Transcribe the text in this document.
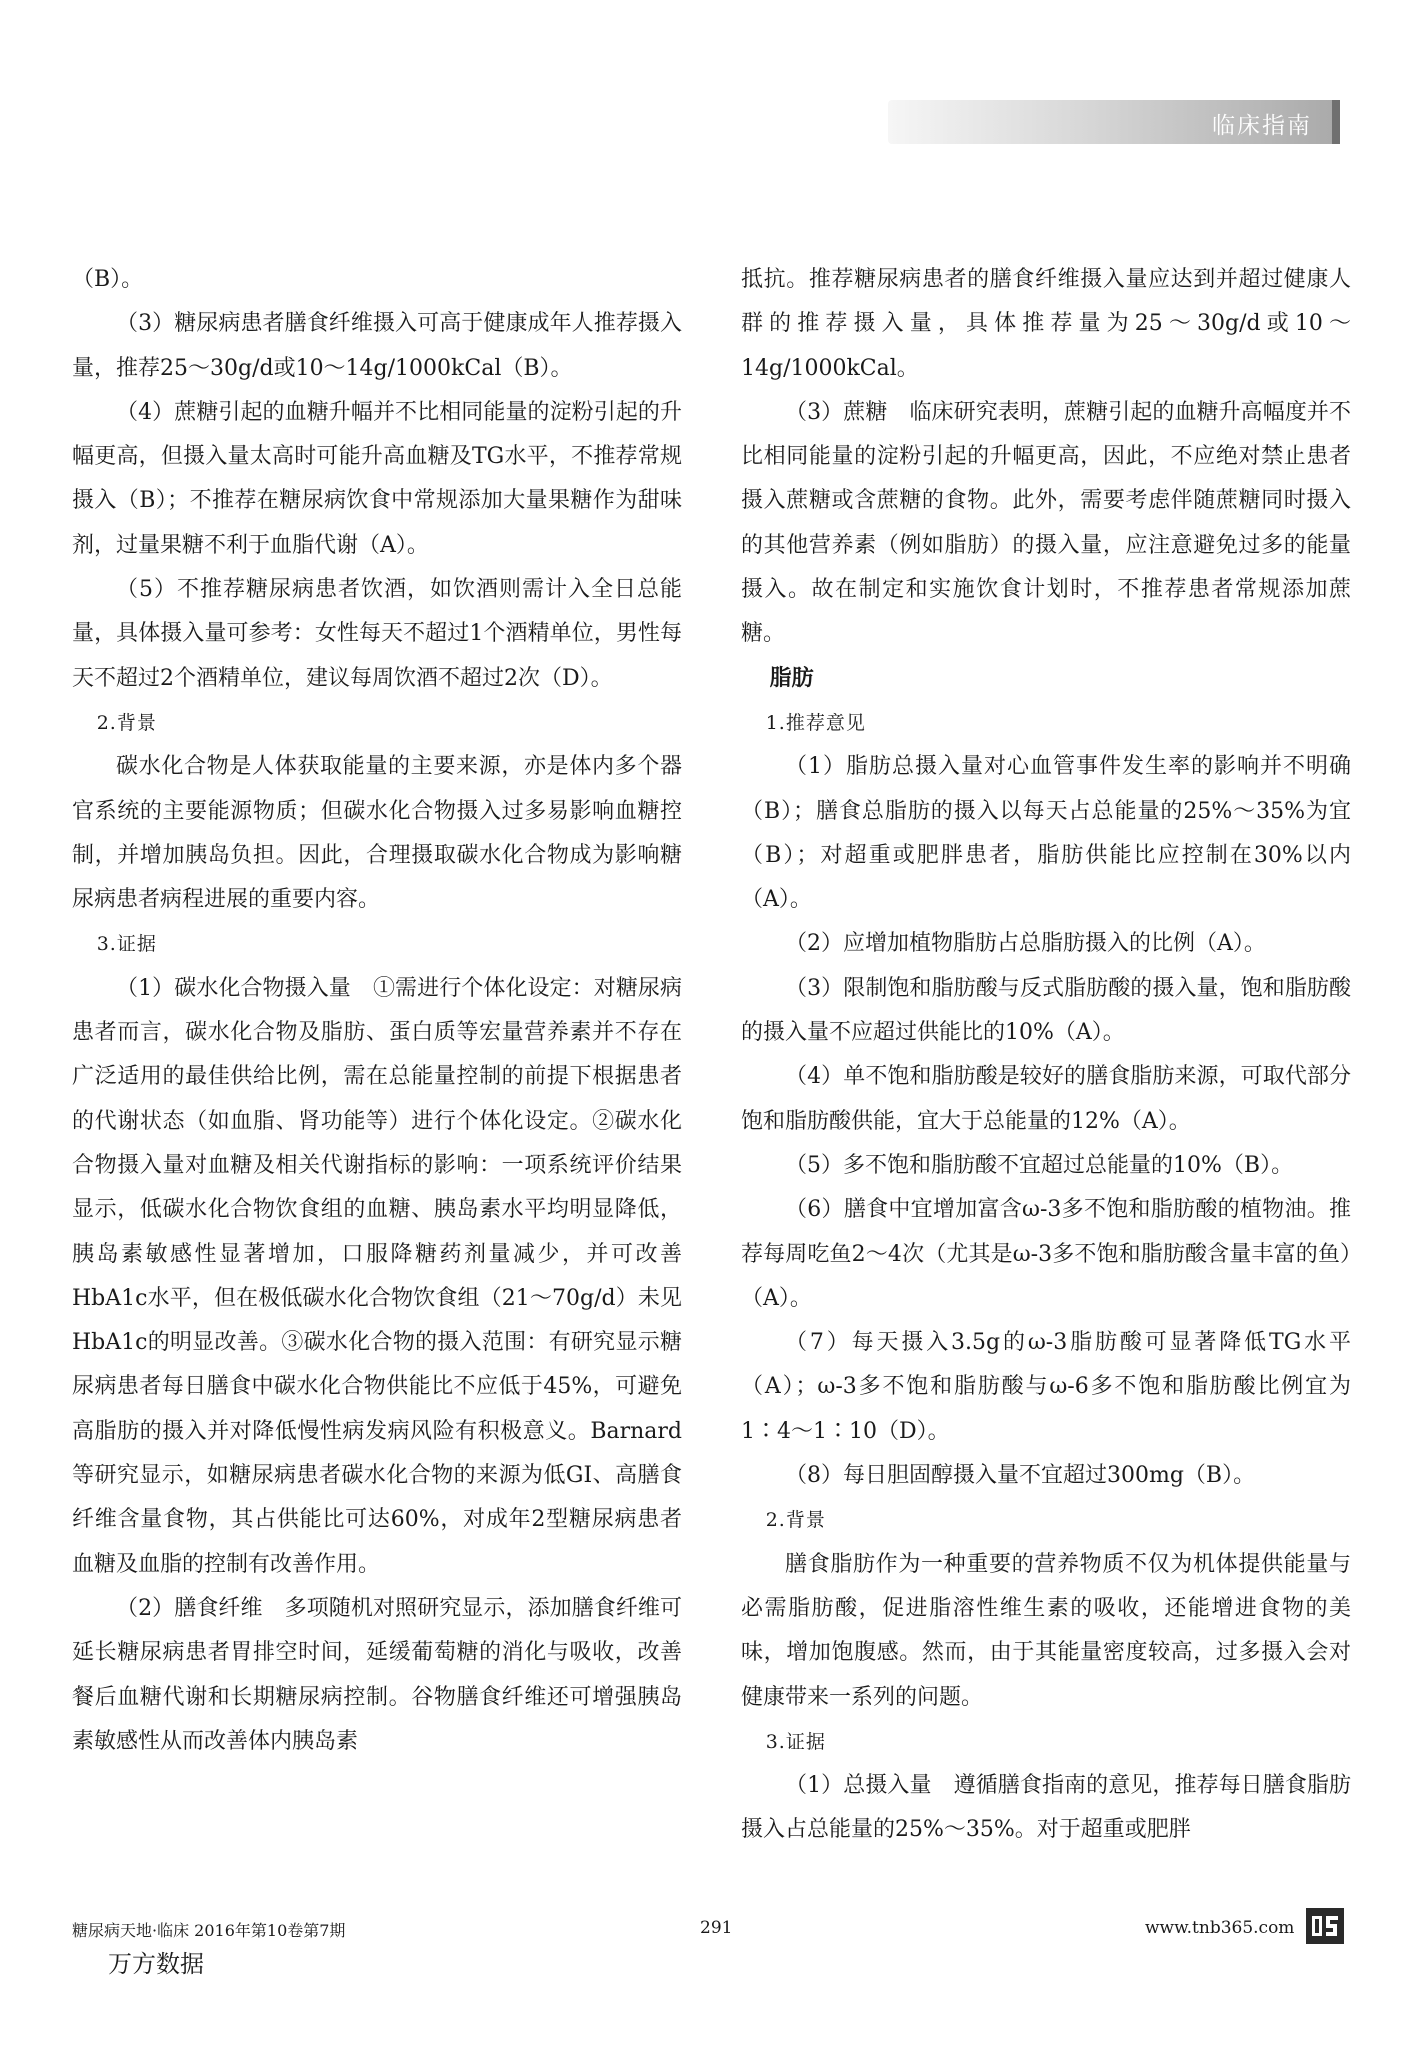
临床指南

（B）。

（3）糖尿病患者膳食纤维摄入可高于健康成年人推荐摄入量，推荐25～30g/d或10～14g/1000kCal（B）。

（4）蔗糖引起的血糖升幅并不比相同能量的淀粉引起的升幅更高，但摄入量太高时可能升高血糖及TG水平，不推荐常规摄入（B）；不推荐在糖尿病饮食中常规添加大量果糖作为甜味剂，过量果糖不利于血脂代谢（A）。

（5）不推荐糖尿病患者饮酒，如饮酒则需计入全日总能量，具体摄入量可参考：女性每天不超过1个酒精单位，男性每天不超过2个酒精单位，建议每周饮酒不超过2次（D）。

2.背景

碳水化合物是人体获取能量的主要来源，亦是体内多个器官系统的主要能源物质；但碳水化合物摄入过多易影响血糖控制，并增加胰岛负担。因此，合理摄取碳水化合物成为影响糖尿病患者病程进展的重要内容。

3.证据

（1）碳水化合物摄入量　①需进行个体化设定：对糖尿病患者而言，碳水化合物及脂肪、蛋白质等宏量营养素并不存在广泛适用的最佳供给比例，需在总能量控制的前提下根据患者的代谢状态（如血脂、肾功能等）进行个体化设定。②碳水化合物摄入量对血糖及相关代谢指标的影响：一项系统评价结果显示，低碳水化合物饮食组的血糖、胰岛素水平均明显降低，胰岛素敏感性显著增加，口服降糖药剂量减少，并可改善HbA1c水平，但在极低碳水化合物饮食组（21～70g/d）未见HbA1c的明显改善。③碳水化合物的摄入范围：有研究显示糖尿病患者每日膳食中碳水化合物供能比不应低于45%，可避免高脂肪的摄入并对降低慢性病发病风险有积极意义。Barnard等研究显示，如糖尿病患者碳水化合物的来源为低GI、高膳食纤维含量食物，其占供能比可达60%，对成年2型糖尿病患者血糖及血脂的控制有改善作用。

（2）膳食纤维　多项随机对照研究显示，添加膳食纤维可延长糖尿病患者胃排空时间，延缓葡萄糖的消化与吸收，改善餐后血糖代谢和长期糖尿病控制。谷物膳食纤维还可增强胰岛素敏感性从而改善体内胰岛素

抵抗。推荐糖尿病患者的膳食纤维摄入量应达到并超过健康人群的推荐摄入量，具体推荐量为25～30g/d或10～14g/1000kCal。

（3）蔗糖　临床研究表明，蔗糖引起的血糖升高幅度并不比相同能量的淀粉引起的升幅更高，因此，不应绝对禁止患者摄入蔗糖或含蔗糖的食物。此外，需要考虑伴随蔗糖同时摄入的其他营养素（例如脂肪）的摄入量，应注意避免过多的能量摄入。故在制定和实施饮食计划时，不推荐患者常规添加蔗糖。

脂肪

1.推荐意见

（1）脂肪总摄入量对心血管事件发生率的影响并不明确（B）；膳食总脂肪的摄入以每天占总能量的25%～35%为宜（B）；对超重或肥胖患者，脂肪供能比应控制在30%以内（A）。

（2）应增加植物脂肪占总脂肪摄入的比例（A）。

（3）限制饱和脂肪酸与反式脂肪酸的摄入量，饱和脂肪酸的摄入量不应超过供能比的10%（A）。

（4）单不饱和脂肪酸是较好的膳食脂肪来源，可取代部分饱和脂肪酸供能，宜大于总能量的12%（A）。

（5）多不饱和脂肪酸不宜超过总能量的10%（B）。

（6）膳食中宜增加富含ω-3多不饱和脂肪酸的植物油。推荐每周吃鱼2～4次（尤其是ω-3多不饱和脂肪酸含量丰富的鱼）（A）。

（7）每天摄入3.5g的ω-3脂肪酸可显著降低TG水平（A）；ω-3多不饱和脂肪酸与ω-6多不饱和脂肪酸比例宜为1∶4～1∶10（D）。

（8）每日胆固醇摄入量不宜超过300mg（B）。

2.背景

膳食脂肪作为一种重要的营养物质不仅为机体提供能量与必需脂肪酸，促进脂溶性维生素的吸收，还能增进食物的美味，增加饱腹感。然而，由于其能量密度较高，过多摄入会对健康带来一系列的问题。

3.证据

（1）总摄入量　遵循膳食指南的意见，推荐每日膳食脂肪摄入占总能量的25%～35%。对于超重或肥胖

糖尿病天地·临床 2016年第10卷第7期
万方数据
291	www.tnb365.com
